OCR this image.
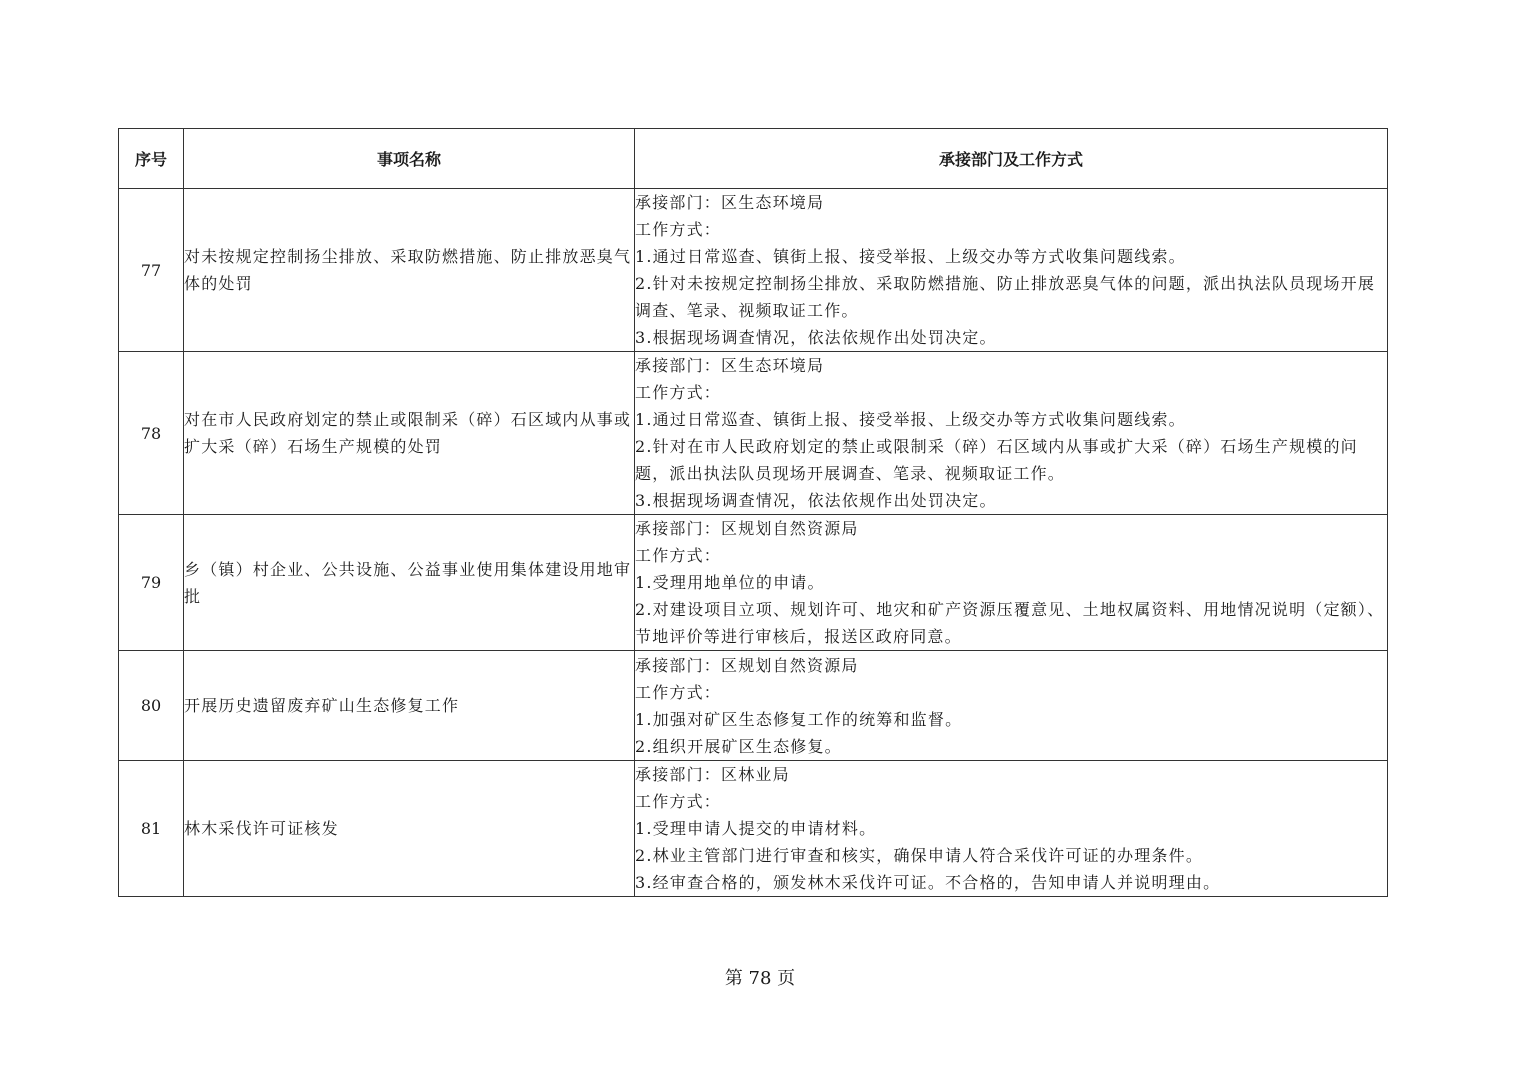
序号	事项名称	承接部门及工作方式
77	对未按规定控制扬尘排放、采取防燃措施、防止排放恶臭气体的处罚	承接部门：区生态环境局
工作方式：
1.通过日常巡查、镇街上报、接受举报、上级交办等方式收集问题线索。
2.针对未按规定控制扬尘排放、采取防燃措施、防止排放恶臭气体的问题，派出执法队员现场开展调查、笔录、视频取证工作。
3.根据现场调查情况，依法依规作出处罚决定。

78	对在市人民政府划定的禁止或限制采（碎）石区域内从事或扩大采（碎）石场生产规模的处罚	承接部门：区生态环境局
工作方式：
1.通过日常巡查、镇街上报、接受举报、上级交办等方式收集问题线索。
2.针对在市人民政府划定的禁止或限制采（碎）石区域内从事或扩大采（碎）石场生产规模的问题，派出执法队员现场开展调查、笔录、视频取证工作。
3.根据现场调查情况，依法依规作出处罚决定。

79	乡（镇）村企业、公共设施、公益事业使用集体建设用地审批	承接部门：区规划自然资源局
工作方式：
1.受理用地单位的申请。
2.对建设项目立项、规划许可、地灾和矿产资源压覆意见、土地权属资料、用地情况说明（定额）、节地评价等进行审核后，报送区政府同意。

80	开展历史遗留废弃矿山生态修复工作	承接部门：区规划自然资源局
工作方式：
1.加强对矿区生态修复工作的统筹和监督。
2.组织开展矿区生态修复。

81	林木采伐许可证核发	承接部门：区林业局
工作方式：
1.受理申请人提交的申请材料。
2.林业主管部门进行审查和核实，确保申请人符合采伐许可证的办理条件。
3.经审查合格的，颁发林木采伐许可证。不合格的，告知申请人并说明理由。
第 78 页
